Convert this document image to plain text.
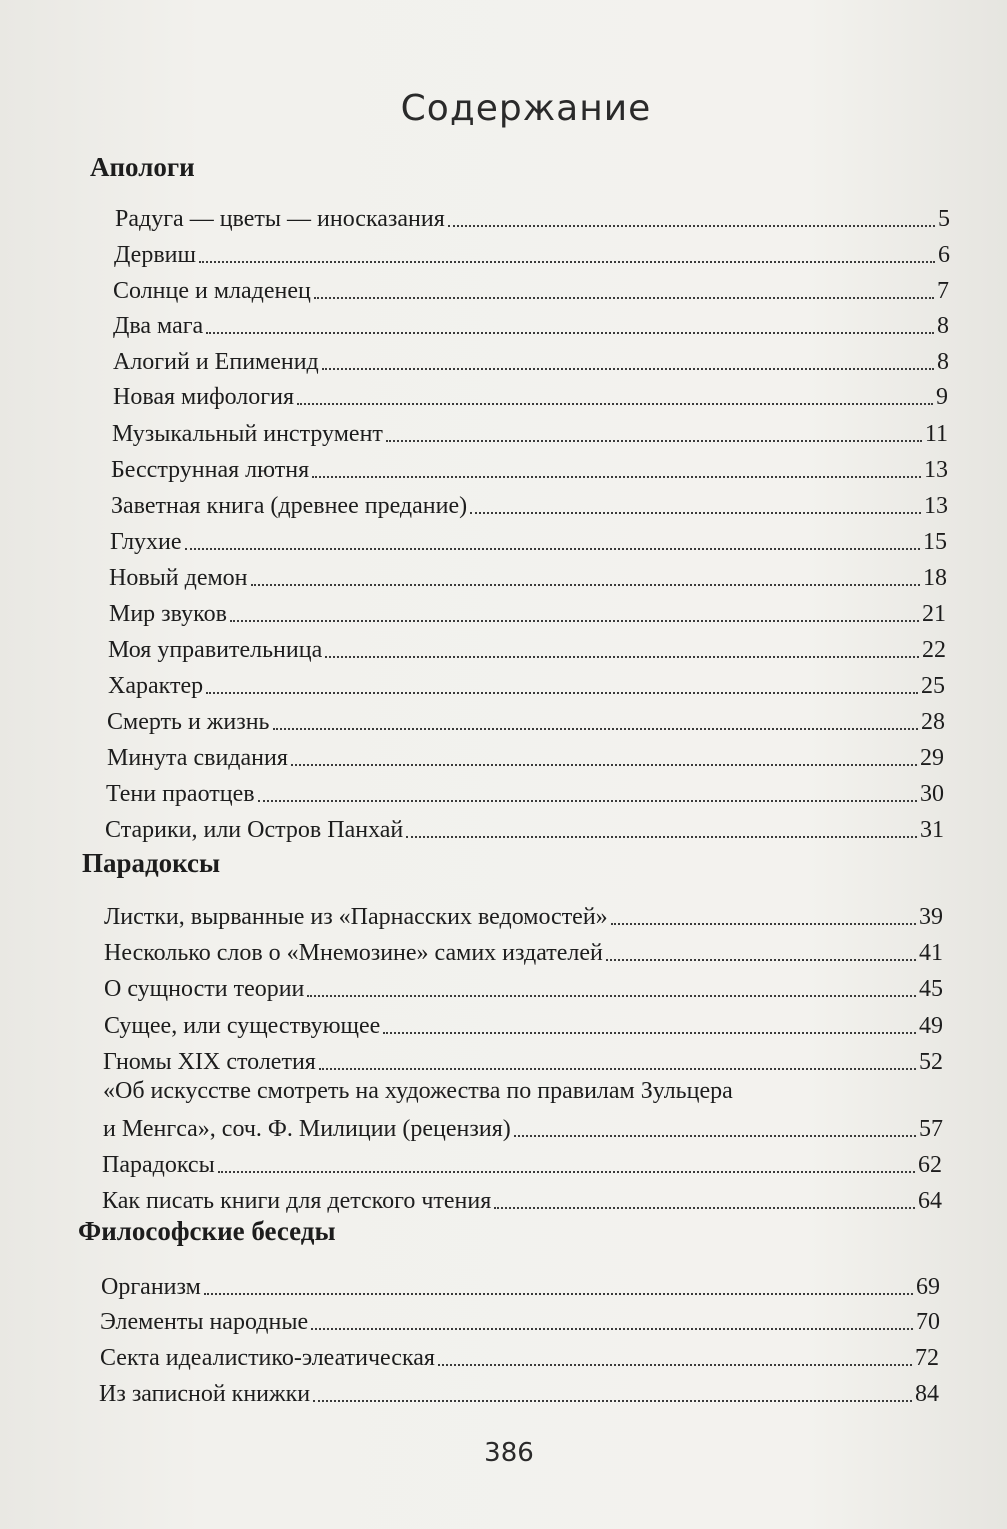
Содержание
Апологи
Радуга — цветы — иносказания	5
Дервиш	6
Солнце и младенец	7
Два мага	8
Алогий и Епименид	8
Новая мифология	9
Музыкальный инструмент	11
Бесструнная лютня	13
Заветная книга (древнее предание)	13
Глухие	15
Новый демон	18
Мир звуков	21
Моя управительница	22
Характер	25
Смерть и жизнь	28
Минута свидания	29
Тени праотцев	30
Старики, или Остров Панхай	31
Парадоксы
Листки, вырванные из «Парнасских ведомостей»	39
Несколько слов о «Мнемозине» самих издателей	41
О сущности теории	45
Сущее, или существующее	49
Гномы XIX столетия	52
«Об искусстве смотреть на художества по правилам Зульцера
и Менгса», соч. Ф. Милиции (рецензия)	57
Парадоксы	62
Как писать книги для детского чтения	64
Философские беседы
Организм	69
Элементы народные	70
Секта идеалистико-элеатическая	72
Из записной книжки	84
386
